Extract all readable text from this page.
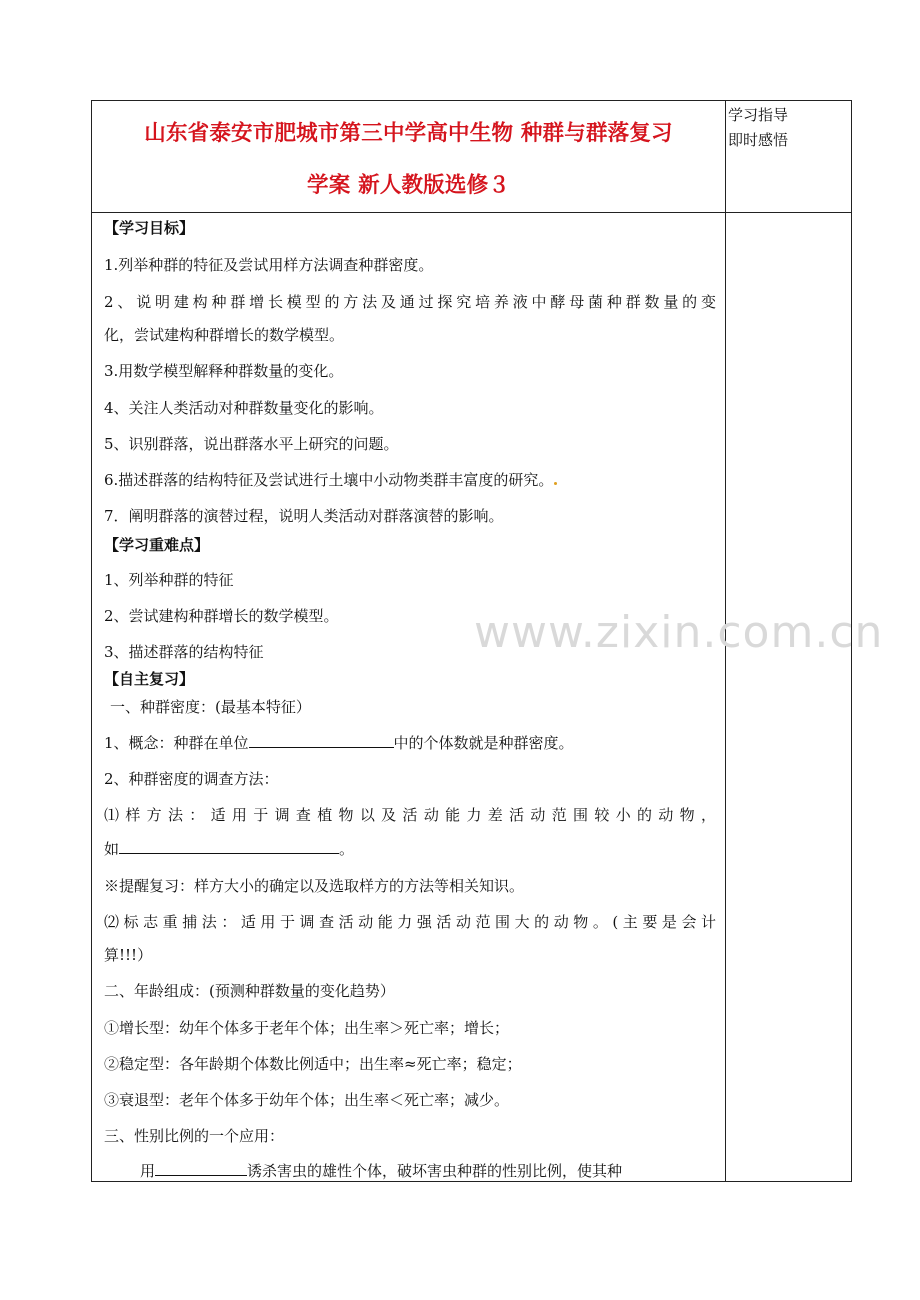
山东省泰安市肥城市第三中学高中生物 种群与群落复习
学案 新人教版选修３
学习指导
即时感悟
www.zixin.com.cn
【学习目标】
1.列举种群的特征及尝试用样方法调查种群密度。
2、说明建构种群增长模型的方法及通过探究培养液中酵母菌种群数量的变
化，尝试建构种群增长的数学模型。
3.用数学模型解释种群数量的变化。
4、关注人类活动对种群数量变化的影响。
5、识别群落，说出群落水平上研究的问题。
6.描述群落的结构特征及尝试进行土壤中小动物类群丰富度的研究。
7．阐明群落的演替过程，说明人类活动对群落演替的影响。
【学习重难点】
1、列举种群的特征
2、尝试建构种群增长的数学模型。
3、描述群落的结构特征
【自主复习】
一、种群密度：(最基本特征）
1、概念：种群在单位	中的个体数就是种群密度。
2、种群密度的调查方法：
⑴样方法：适用于调查植物以及活动能力差活动范围较小的动物，
如	。
※提醒复习：样方大小的确定以及选取样方的方法等相关知识。
⑵标志重捕法：适用于调查活动能力强活动范围大的动物。(主要是会计
算!!!）
二、年龄组成：(预测种群数量的变化趋势）
①增长型：幼年个体多于老年个体；出生率＞死亡率；增长；
②稳定型：各年龄期个体数比例适中；出生率≈死亡率；稳定；
③衰退型：老年个体多于幼年个体；出生率＜死亡率；减少。
三、性别比例的一个应用：
用	诱杀害虫的雄性个体，破坏害虫种群的性别比例，使其种
